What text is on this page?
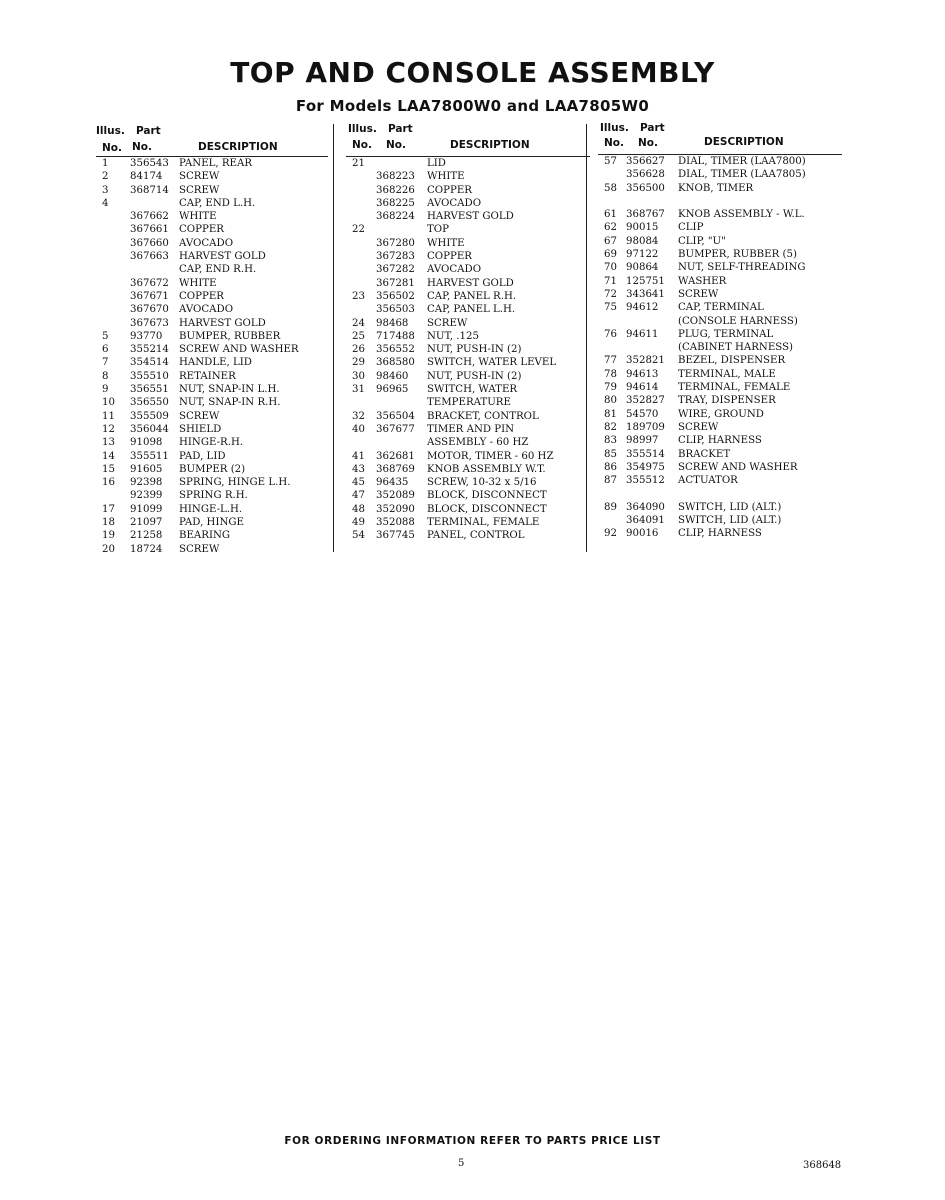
TOP AND CONSOLE ASSEMBLY
For Models LAA7800W0 and LAA7805W0
Illus. Part
No. No.	DESCRIPTION
1	356543 PANEL, REAR
2	84174 SCREW
3	368714 SCREW
4	CAP, END L.H.
367662 WHITE
367661 COPPER
367660 AVOCADO
367663 HARVEST GOLD
CAP, END R.H.
367672 WHITE
367671 COPPER
367670 AVOCADO
367673 HARVEST GOLD
5	93770 BUMPER, RUBBER
6	355214 SCREW AND WASHER
7	354514 HANDLE, LID
8	355510 RETAINER
9	356551 NUT, SNAP-IN L.H.
10	356550 NUT, SNAP-IN R.H.
11	355509 SCREW
12	356044 SHIELD
13	91098 HINGE-R.H.
14	355511 PAD, LID
15	91605 BUMPER (2)
16	92398 SPRING, HINGE L.H.
92399 SPRING R.H.
17	91099 HINGE-L.H.
18	21097 PAD, HINGE
19	21258 BEARING
20	18724 SCREW
Illus. Part
No. No.	DESCRIPTION
21	LID
368223 WHITE
368226 COPPER
368225 AVOCADO
368224 HARVEST GOLD
22	TOP
367280 WHITE
367283 COPPER
367282 AVOCADO
367281 HARVEST GOLD
23	356502 CAP, PANEL R.H.
356503 CAP, PANEL L.H.
24	98468 SCREW
25	717488 NUT, .125
26	356552 NUT, PUSH-IN (2)
29	368580 SWITCH, WATER LEVEL
30	98460 NUT, PUSH-IN (2)
31	96965 SWITCH, WATER
TEMPERATURE
32	356504 BRACKET, CONTROL
40	367677 TIMER AND PIN
ASSEMBLY - 60 HZ
41	362681 MOTOR, TIMER - 60 HZ
43	368769 KNOB ASSEMBLY W.T.
45	96435 SCREW, 10-32 x 5/16
47	352089 BLOCK, DISCONNECT
48	352090 BLOCK, DISCONNECT
49	352088 TERMINAL, FEMALE
54	367745 PANEL, CONTROL
Illus. Part
No. No.	DESCRIPTION
57 356627 DIAL, TIMER (LAA7800)
356628 DIAL, TIMER (LAA7805)
58 356500 KNOB, TIMER
61 368767 KNOB ASSEMBLY - W.L.
62 90015 CLIP
67 98084 CLIP, "U"
69 97122 BUMPER, RUBBER (5)
70 90864 NUT, SELF-THREADING
71 125751 WASHER
72 343641 SCREW
75 94612 CAP, TERMINAL
(CONSOLE HARNESS)
76 94611 PLUG, TERMINAL
(CABINET HARNESS)
77 352821 BEZEL, DISPENSER
78 94613 TERMINAL, MALE
79 94614 TERMINAL, FEMALE
80 352827 TRAY, DISPENSER
81 54570 WIRE, GROUND
82 189709 SCREW
83 98997 CLIP, HARNESS
85 355514 BRACKET
86 354975 SCREW AND WASHER
87 355512 ACTUATOR
89 364090 SWITCH, LID (ALT.)
364091 SWITCH, LID (ALT.)
92 90016 CLIP, HARNESS
FOR ORDERING INFORMATION REFER TO PARTS PRICE LIST
5	368648
